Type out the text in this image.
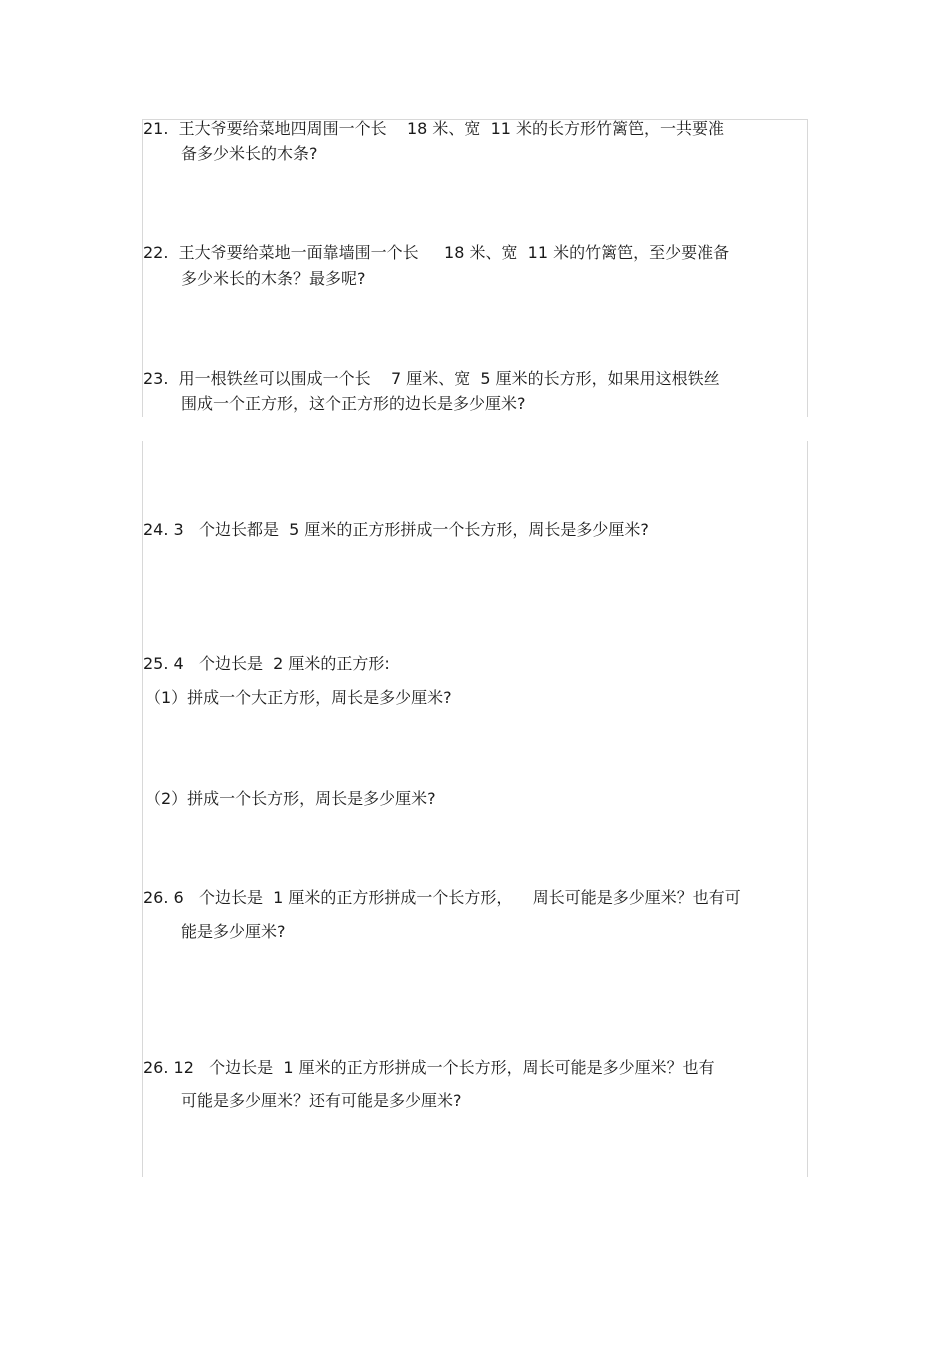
21.  王大爷要给菜地四周围一个长    18 米、宽  11 米的长方形竹篱笆，一共要准
备多少米长的木条?
22.  王大爷要给菜地一面靠墙围一个长     18 米、宽  11 米的竹篱笆，至少要准备
多少米长的木条？最多呢?
23.  用一根铁丝可以围成一个长    7 厘米、宽  5 厘米的长方形，如果用这根铁丝
围成一个正方形，这个正方形的边长是多少厘米?
24. 3   个边长都是  5 厘米的正方形拼成一个长方形，周长是多少厘米?
25. 4   个边长是  2 厘米的正方形:
（1）拼成一个大正方形，周长是多少厘米?
（2）拼成一个长方形，周长是多少厘米?
26. 6   个边长是  1 厘米的正方形拼成一个长方形，    周长可能是多少厘米？也有可
能是多少厘米?
26. 12   个边长是  1 厘米的正方形拼成一个长方形，周长可能是多少厘米？也有
可能是多少厘米？还有可能是多少厘米?
